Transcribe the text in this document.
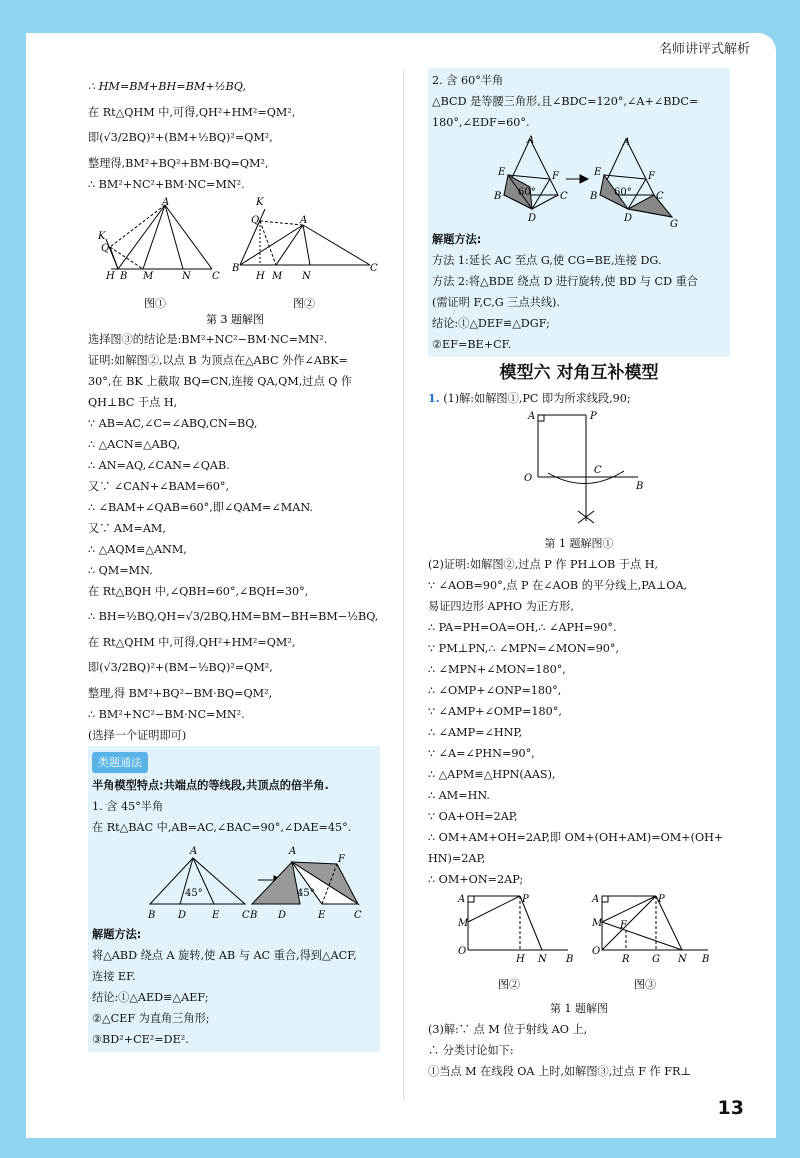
名师讲评式解析
∴ HM=BM+BH=BM+½BQ,
在 Rt△QHM 中,可得,QH²+HM²=QM²,
即(√3/2BQ)²+(BM+½BQ)²=QM²,
整理得,BM²+BQ²+BM·BQ=QM²,
∴ BM²+NC²+BM·NC=MN².
A
K
Q
H B M	N C
K
Q	A
B
H M N
C
图①	图②
第 3 题解图
选择图③的结论是:BM²+NC²−BM·NC=MN².
证明:如解图②,以点 B 为顶点在△ABC 外作∠ABK=
30°,在 BK 上截取 BQ=CN,连接 QA,QM,过点 Q 作
QH⊥BC 于点 H,
∵ AB=AC,∠C=∠ABQ,CN=BQ,
∴ △ACN≌△ABQ,
∴ AN=AQ,∠CAN=∠QAB.
又∵ ∠CAN+∠BAM=60°,
∴ ∠BAM+∠QAB=60°,即∠QAM=∠MAN.
又∵ AM=AM,
∴ △AQM≌△ANM,
∴ QM=MN.
在 Rt△BQH 中,∠QBH=60°,∠BQH=30°,
∴ BH=½BQ,QH=√3/2BQ,HM=BM−BH=BM−½BQ,
在 Rt△QHM 中,可得,QH²+HM²=QM²,
即(√3/2BQ)²+(BM−½BQ)²=QM²,
整理,得 BM²+BQ²−BM·BQ=QM²,
∴ BM²+NC²−BM·NC=MN².
(选择一个证明即可)
类题通法
半角模型特点:共端点的等线段,共顶点的倍半角.
1. 含 45°半角
在 Rt△BAC 中,AB=AC,∠BAC=90°,∠DAE=45°.
A
B D	E C
A
B D	E	C
F
45°	45°
解题方法:
将△ABD 绕点 A 旋转,使 AB 与 AC 重合,得到△ACF,
连接 EF.
结论:①△AED≌△AEF;
②△CEF 为直角三角形;
③BD²+CE²=DE².
2. 含 60°半角
△BCD 是等腰三角形,且∠BDC=120°,∠A+∠BDC=
180°,∠EDF=60°.
A
E	F
B	C
D
A
E	F
B	C
D
G
60°	60°
解题方法:
方法 1:延长 AC 至点 G,使 CG=BE,连接 DG.
方法 2:将△BDE 绕点 D 进行旋转,使 BD 与 CD 重合
(需证明 F,C,G 三点共线).
结论:①△DEF≌△DGF;
②EF=BE+CF.
模型六 对角互补模型
1. (1)解:如解图①,PC 即为所求线段,90;
A	P
O
C
B
第 1 题解图①
(2)证明:如解图②,过点 P 作 PH⊥OB 于点 H,
∵ ∠AOB=90°,点 P 在∠AOB 的平分线上,PA⊥OA,
易证四边形 APHO 为正方形,
∴ PA=PH=OA=OH,∴ ∠APH=90°.
∵ PM⊥PN,∴ ∠MPN=∠MON=90°,
∴ ∠MPN+∠MON=180°,
∴ ∠OMP+∠ONP=180°,
∵ ∠AMP+∠OMP=180°,
∴ ∠AMP=∠HNP,
∵ ∠A=∠PHN=90°,
∴ △APM≌△HPN(AAS),
∴ AM=HN.
∵ OA+OH=2AP,
∴ OM+AM+OH=2AP,即 OM+(OH+AM)=OM+(OH+
HN)=2AP,
∴ OM+ON=2AP;
A	P
M
O
H N B
A	P
M F
O
R G N B
图②	图③
第 1 题解图
(3)解:∵ 点 M 位于射线 AO 上,
∴ 分类讨论如下:
①当点 M 在线段 OA 上时,如解图③,过点 F 作 FR⊥
13
